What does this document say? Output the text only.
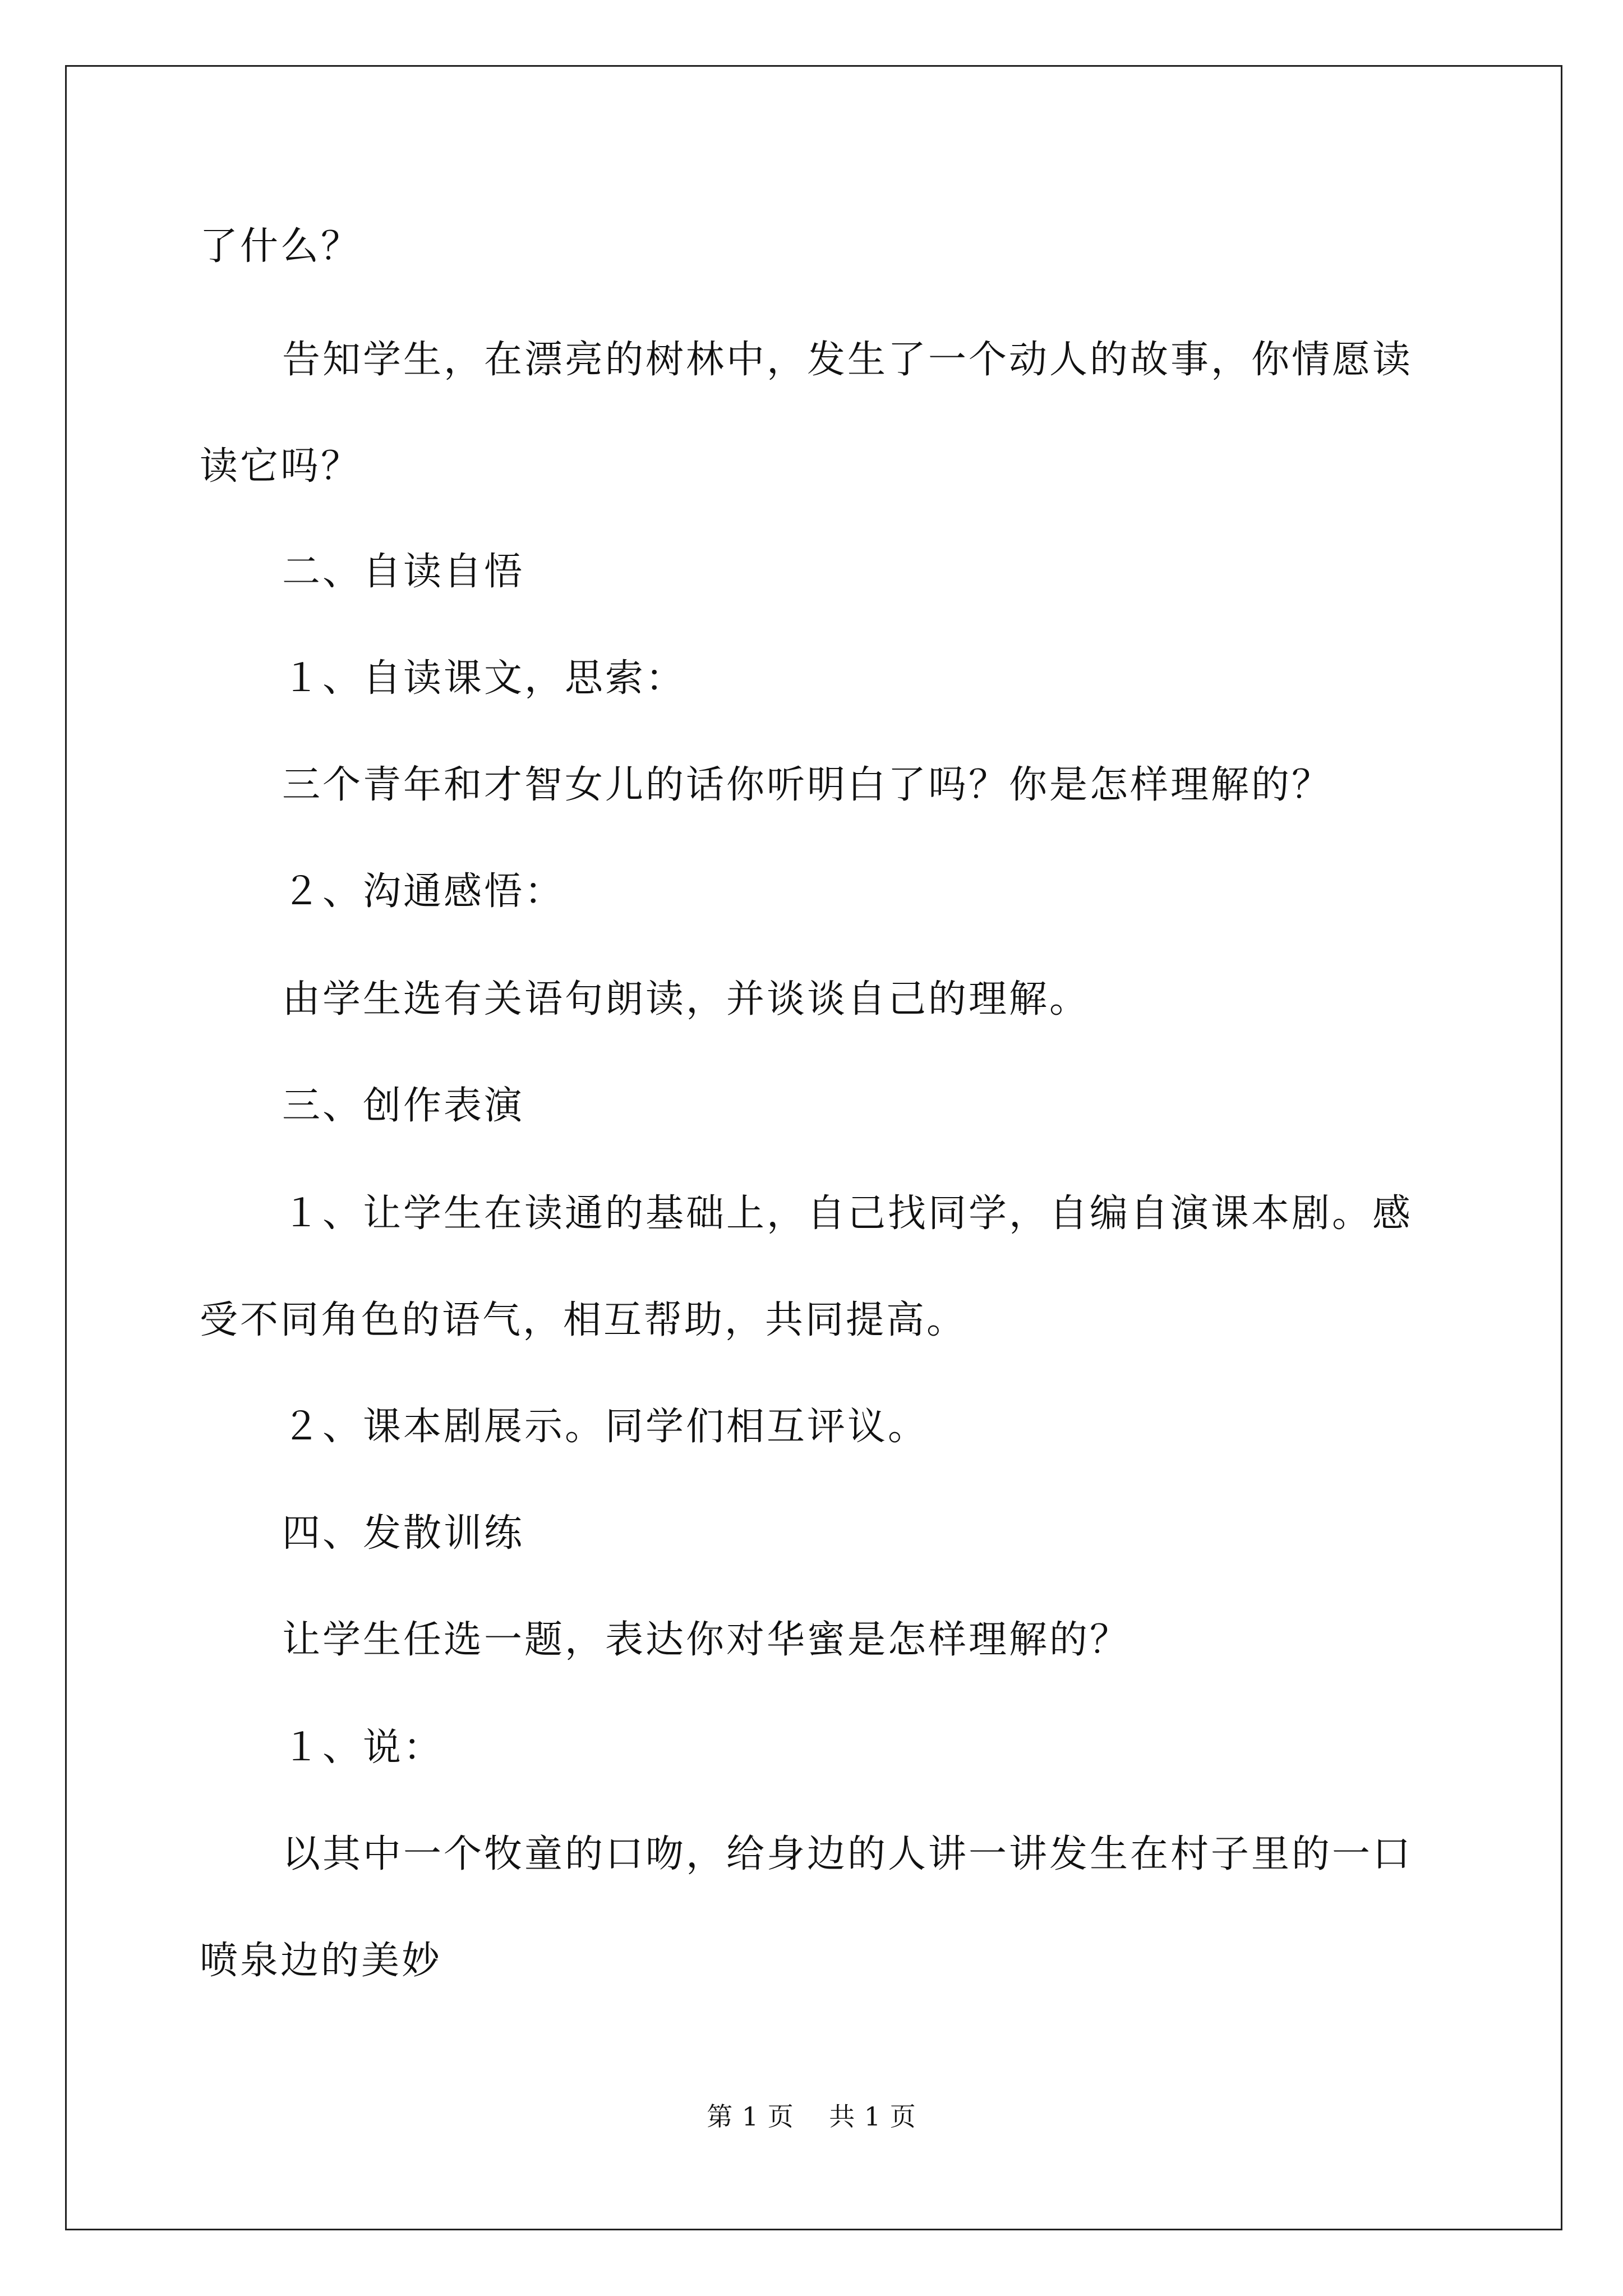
了什么？
告知学生，在漂亮的树林中，发生了一个动人的故事，你情愿读
读它吗？
二、自读自悟
１、自读课文，思索：
三个青年和才智女儿的话你听明白了吗？你是怎样理解的？
２、沟通感悟：
由学生选有关语句朗读，并谈谈自己的理解。
三、创作表演
１、让学生在读通的基础上，自己找同学，自编自演课本剧。感
受不同角色的语气，相互帮助，共同提高。
２、课本剧展示。同学们相互评议。
四、发散训练
让学生任选一题，表达你对华蜜是怎样理解的？
１、说：
以其中一个牧童的口吻，给身边的人讲一讲发生在村子里的一口
喷泉边的美妙
第 1 页    共 1 页
